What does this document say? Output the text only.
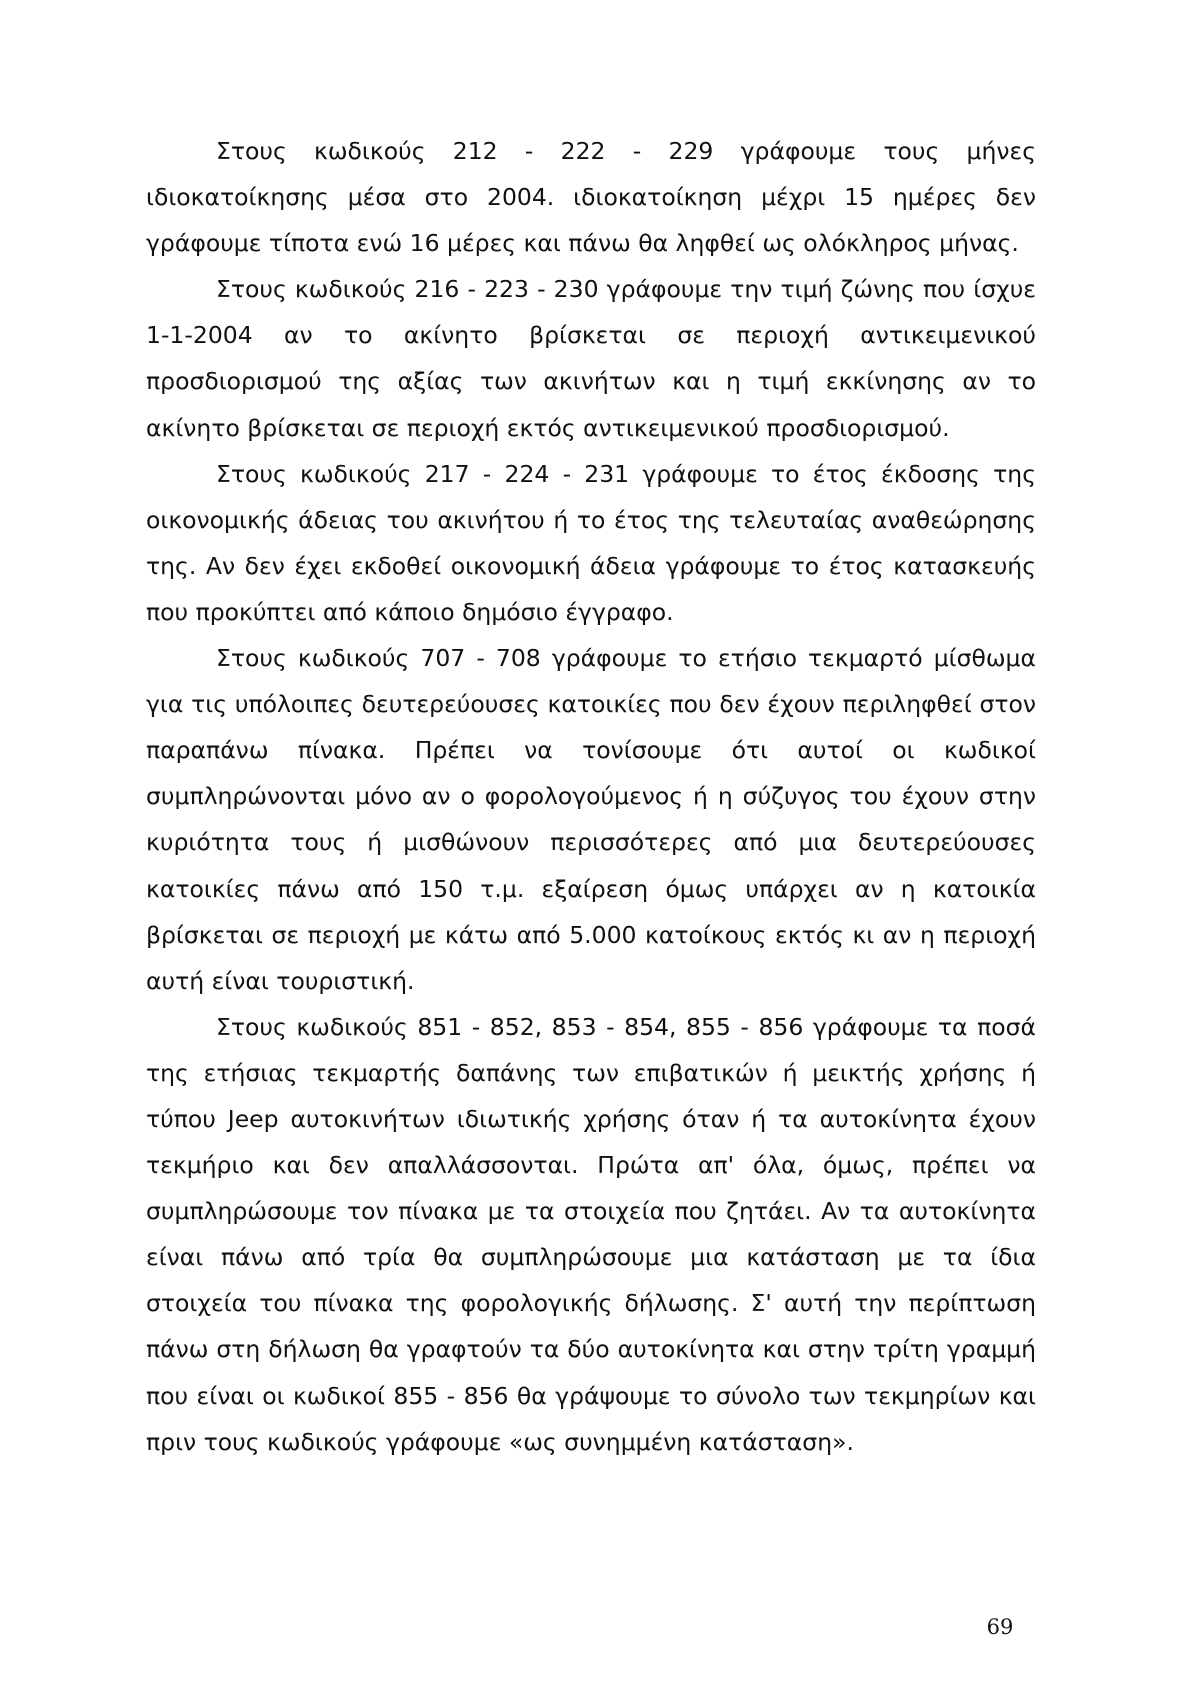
Στους κωδικούς 212 - 222 - 229 γράφουμε τους μήνες ιδιοκατοίκησης μέσα στο 2004. ιδιοκατοίκηση μέχρι 15 ημέρες δεν γράφουμε τίποτα ενώ 16 μέρες και πάνω θα ληφθεί ως ολόκληρος μήνας.

Στους κωδικούς 216 - 223 - 230 γράφουμε την τιμή ζώνης που ίσχυε 1-1-2004 αν το ακίνητο βρίσκεται σε περιοχή αντικειμενικού προσδιορισμού της αξίας των ακινήτων και η τιμή εκκίνησης αν το ακίνητο βρίσκεται σε περιοχή εκτός αντικειμενικού προσδιορισμού.

Στους κωδικούς 217 - 224 - 231 γράφουμε το έτος έκδοσης της οικονομικής άδειας του ακινήτου ή το έτος της τελευταίας αναθεώρησης της. Αν δεν έχει εκδοθεί οικονομική άδεια γράφουμε το έτος κατασκευής που προκύπτει από κάποιο δημόσιο έγγραφο.

Στους κωδικούς 707 - 708 γράφουμε το ετήσιο τεκμαρτό μίσθωμα για τις υπόλοιπες δευτερεύουσες κατοικίες που δεν έχουν περιληφθεί στον παραπάνω πίνακα. Πρέπει να τονίσουμε ότι αυτοί οι κωδικοί συμπληρώνονται μόνο αν ο φορολογούμενος ή η σύζυγος του έχουν στην κυριότητα τους ή μισθώνουν περισσότερες από μια δευτερεύουσες κατοικίες πάνω από 150 τ.μ. εξαίρεση όμως υπάρχει αν η κατοικία βρίσκεται σε περιοχή με κάτω από 5.000 κατοίκους εκτός κι αν η περιοχή αυτή είναι τουριστική.

Στους κωδικούς 851 - 852, 853 - 854, 855 - 856 γράφουμε τα ποσά της ετήσιας τεκμαρτής δαπάνης των επιβατικών ή μεικτής χρήσης ή τύπου Jeep αυτοκινήτων ιδιωτικής χρήσης όταν ή τα αυτοκίνητα έχουν τεκμήριο και δεν απαλλάσσονται. Πρώτα απ' όλα, όμως, πρέπει να συμπληρώσουμε τον πίνακα με τα στοιχεία που ζητάει. Αν τα αυτοκίνητα είναι πάνω από τρία θα συμπληρώσουμε μια κατάσταση με τα ίδια στοιχεία του πίνακα της φορολογικής δήλωσης. Σ' αυτή την περίπτωση πάνω στη δήλωση θα γραφτούν τα δύο αυτοκίνητα και στην τρίτη γραμμή που είναι οι κωδικοί 855 - 856 θα γράψουμε το σύνολο των τεκμηρίων και πριν τους κωδικούς γράφουμε «ως συνημμένη κατάσταση».

69
